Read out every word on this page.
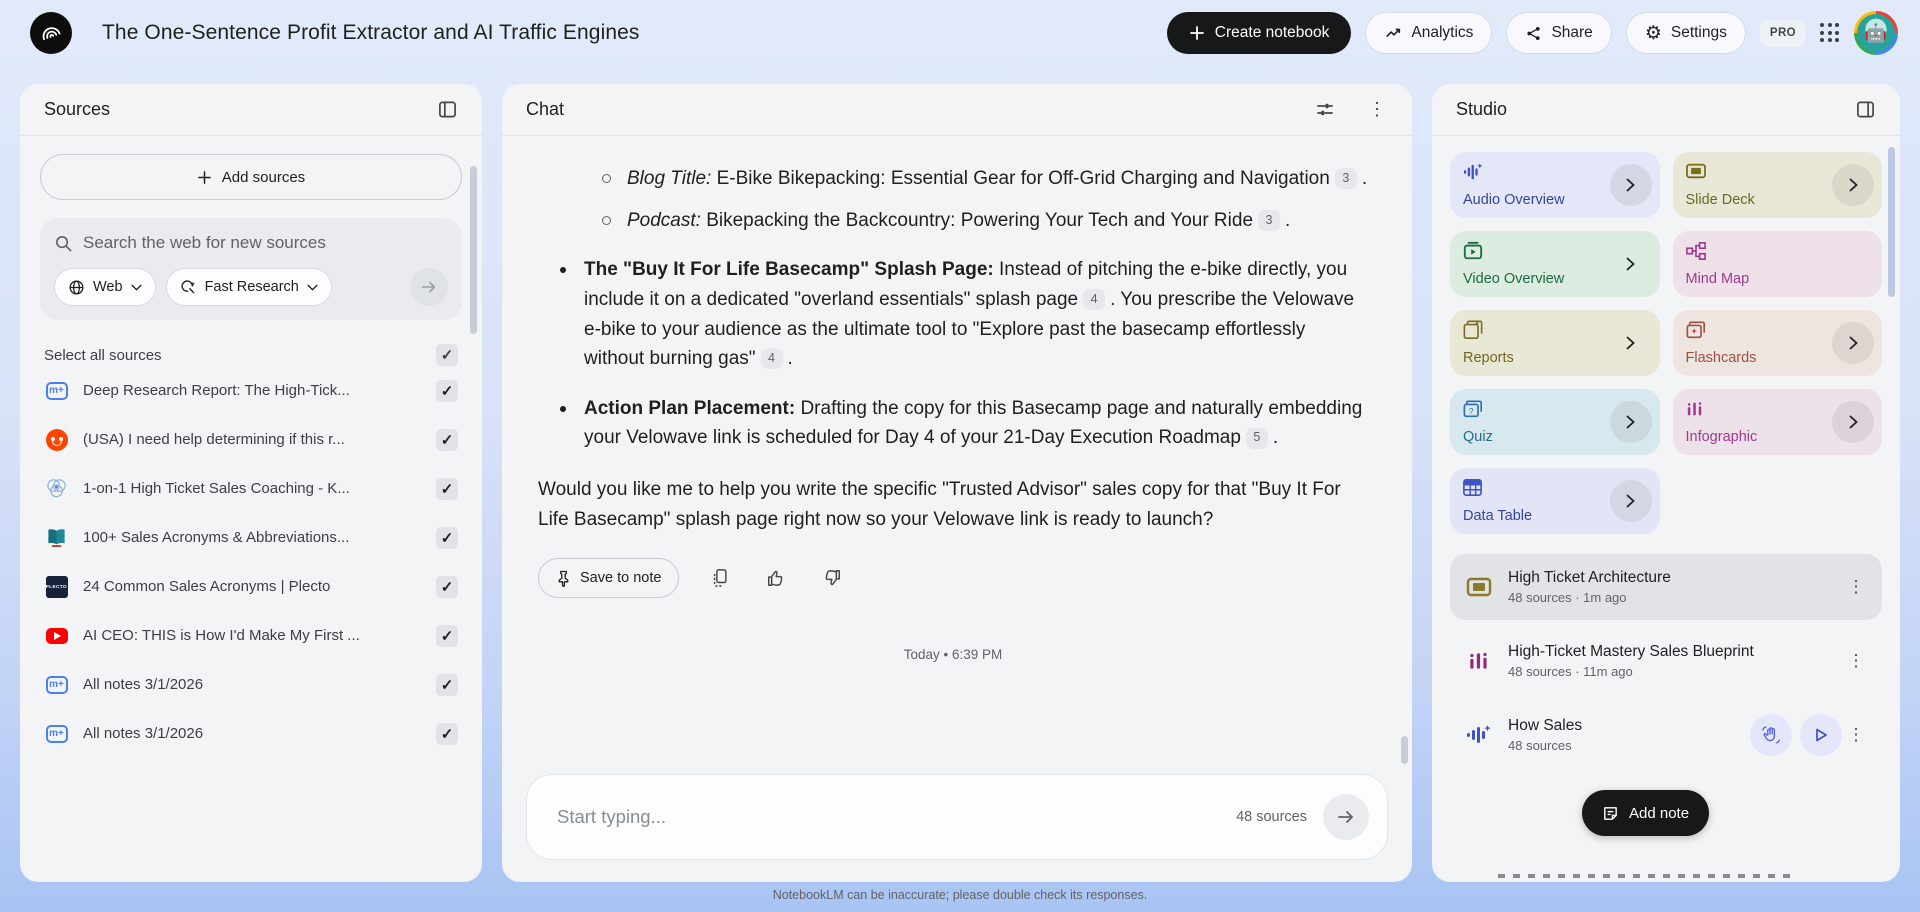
The One-Sentence Profit Extractor and AI Traffic Engines	Create notebook	Analytics	Share	⚙ Settings	PRO	🤖
Sources
Add sources
Search the web for new sources
Web	Fast Research
Select all sources	✓
m+ Deep Research Report: The High-Tick...	✓
(USA) I need help determining if this r...	✓
1-on-1 High Ticket Sales Coaching - K...	✓
100+ Sales Acronyms & Abbreviations...	✓
PLECTO 24 Common Sales Acronyms | Plecto	✓
AI CEO: THIS is How I'd Make My First ...	✓
m+ All notes 3/1/2026	✓
m+ All notes 3/1/2026	✓
Chat	⋮
Blog Title: E-Bike Bikepacking: Essential Gear for Off-Grid Charging and Navigation 3 .
Podcast: Bikepacking the Backcountry: Powering Your Tech and Your Ride 3 .
The "Buy It For Life Basecamp" Splash Page: Instead of pitching the e-bike directly, you include it on a dedicated "overland essentials" splash page 4 . You prescribe the Velowave e-bike to your audience as the ultimate tool to "Explore past the basecamp effortlessly without burning gas" 4 .
Action Plan Placement: Drafting the copy for this Basecamp page and naturally embedding your Velowave link is scheduled for Day 4 of your 21-Day Execution Roadmap 5 .
Would you like me to help you write the specific "Trusted Advisor" sales copy for that "Buy It For Life Basecamp" splash page right now so your Velowave link is ready to launch?
Save to note
Today • 6:39 PM
Start typing...
48 sources
Studio
Audio Overview	Slide Deck
Video Overview	Mind Map
Reports	Flashcards
?
Quiz	Infographic
Data Table
High Ticket Architecture
48 sources · 1m ago
⋮
High-Ticket Mastery Sales Blueprint
48 sources · 11m ago
⋮
How Sales
48 sources
⋮
Add note
NotebookLM can be inaccurate; please double check its responses.
